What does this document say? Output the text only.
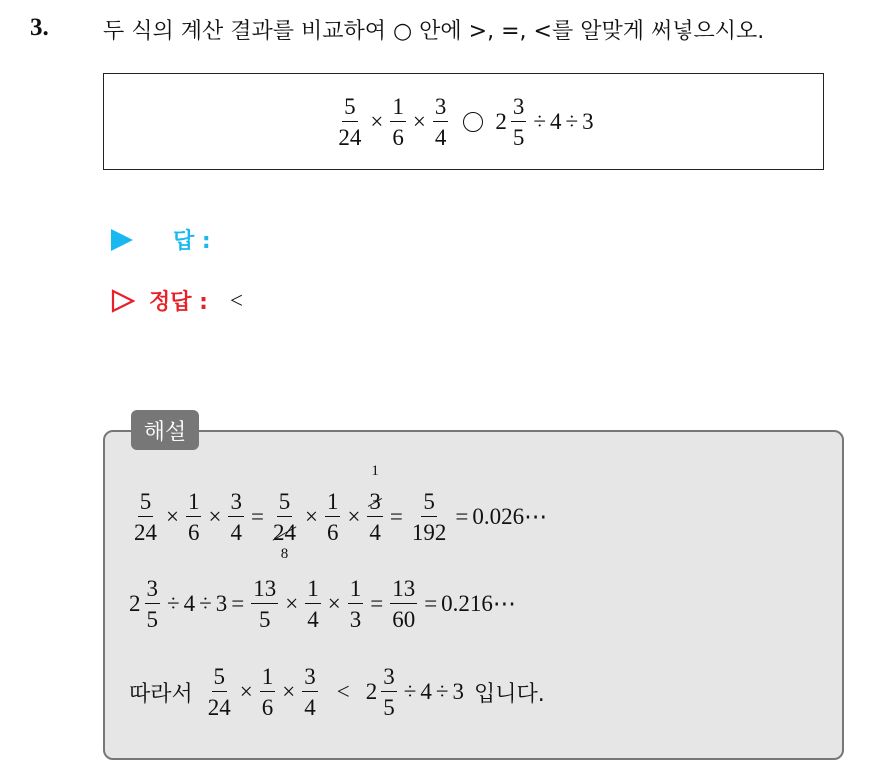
3. 두 식의 계산 결과를 비교하여 ○ 안에 >, =, <를 알맞게 써넣으시오.
$\frac{5}{24} \times \frac{1}{6} \times \frac{3}{4} 2 \frac{3}{5} \div 4 \div 3$
답 :
정답 : <
해설
$\frac{5}{24} \times \frac{1}{6} \times \frac{3}{4} = 5$
24
$8 \times \frac{1}{6} \times 3$
1
$4 = \frac{5}{192}$ = 0.026⋯
$2 \frac{3}{5} \div 4 \div 3 = \frac{13}{5} \times \frac{1}{4} \times \frac{1}{3} = \frac{13}{60}$ = 0.216⋯
따라서 $\frac{5}{24} \times \frac{1}{6} \times \frac{3}{4} < 2 \frac{3}{5} \div 4 \div 3$ 입니다.
